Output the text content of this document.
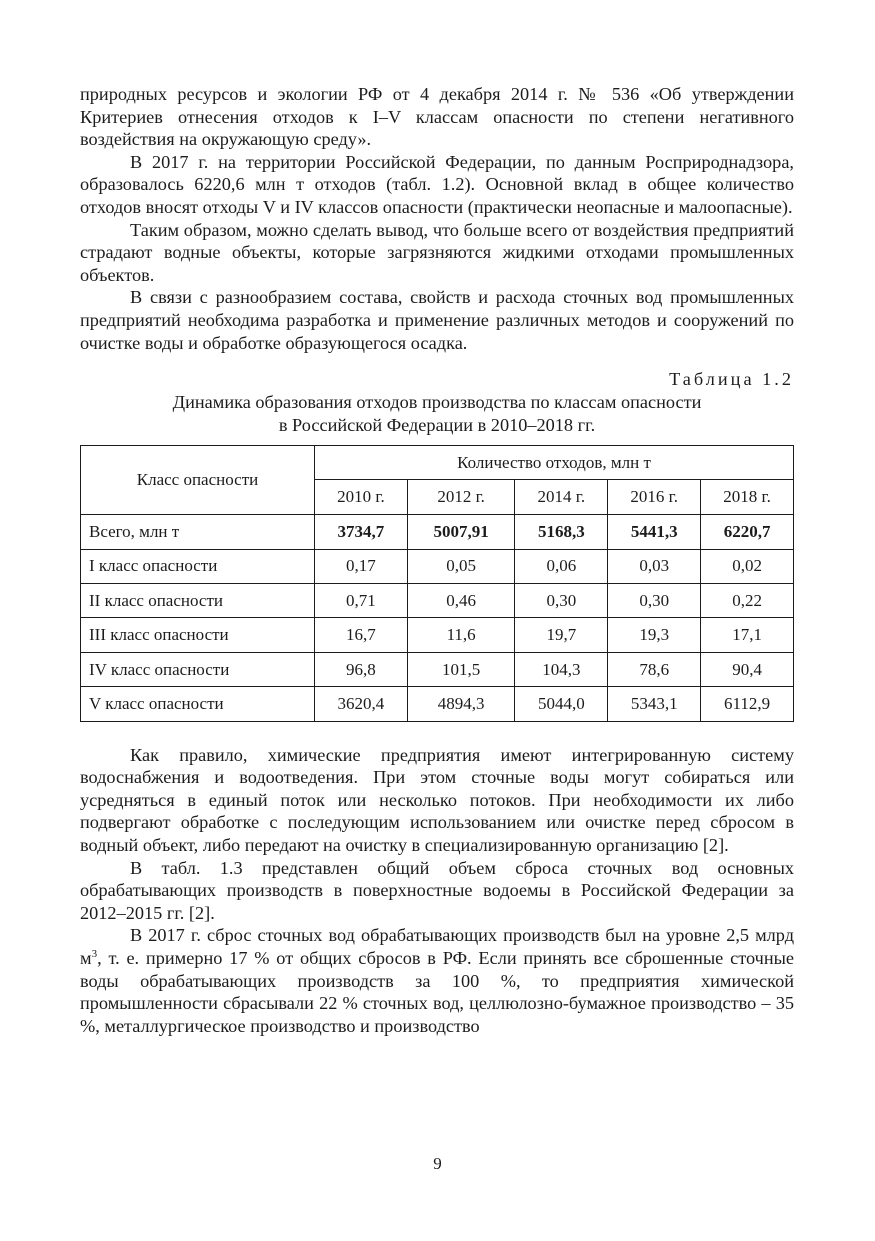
природных ресурсов и экологии РФ от 4 декабря 2014 г. № 536 «Об утверждении Критериев отнесения отходов к I–V классам опасности по степени негативного воздействия на окружающую среду».

В 2017 г. на территории Российской Федерации, по данным Росприроднадзора, образовалось 6220,6 млн т отходов (табл. 1.2). Основной вклад в общее количество отходов вносят отходы V и IV классов опасности (практически неопасные и малоопасные).

Таким образом, можно сделать вывод, что больше всего от воздействия предприятий страдают водные объекты, которые загрязняются жидкими отходами промышленных объектов.

В связи с разнообразием состава, свойств и расхода сточных вод промышленных предприятий необходима разработка и применение различных методов и сооружений по очистке воды и обработке образующегося осадка.

Таблица 1.2
Динамика образования отходов производства по классам опасности
в Российской Федерации в 2010–2018 гг.
Класс опасности	Количество отходов, млн т				
	2010 г.	2012 г.	2014 г.	2016 г.	2018 г.
Всего, млн т	3734,7	5007,91	5168,3	5441,3	6220,7
I класс опасности	0,17	0,05	0,06	0,03	0,02
II класс опасности	0,71	0,46	0,30	0,30	0,22
III класс опасности	16,7	11,6	19,7	19,3	17,1
IV класс опасности	96,8	101,5	104,3	78,6	90,4
V класс опасности	3620,4	4894,3	5044,0	5343,1	6112,9

Как правило, химические предприятия имеют интегрированную систему водоснабжения и водоотведения. При этом сточные воды могут собираться или усредняться в единый поток или несколько потоков. При необходимости их либо подвергают обработке с последующим использованием или очистке перед сбросом в водный объект, либо передают на очистку в специализированную организацию [2].

В табл. 1.3 представлен общий объем сброса сточных вод основных обрабатывающих производств в поверхностные водоемы в Российской Федерации за 2012–2015 гг. [2].

В 2017 г. сброс сточных вод обрабатывающих производств был на уровне 2,5 млрд $м^3$, т. е. примерно 17 % от общих сбросов в РФ. Если принять все сброшенные сточные воды обрабатывающих производств за 100 %, то предприятия химической промышленности сбрасывали 22 % сточных вод, целлюлозно-бумажное производство – 35 %, металлургическое производство и производство

9
